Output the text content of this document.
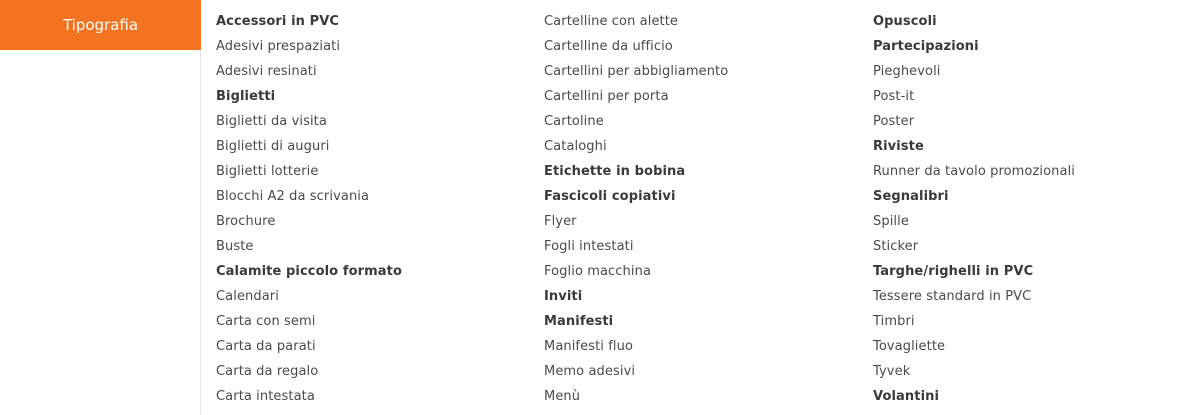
Tipografia	Accessori in PVC
Adesivi prespaziati
Adesivi resinati
Biglietti
Biglietti da visita
Biglietti di auguri
Biglietti lotterie
Blocchi A2 da scrivania
Brochure
Buste
Calamite piccolo formato
Calendari
Carta con semi
Carta da parati
Carta da regalo
Carta intestata
Cartelline con alette
Cartelline da ufficio
Cartellini per abbigliamento
Cartellini per porta
Cartoline
Cataloghi
Etichette in bobina
Fascicoli copiativi
Flyer
Fogli intestati
Foglio macchina
Inviti
Manifesti
Manifesti fluo
Memo adesivi
Menù
Opuscoli
Partecipazioni
Pieghevoli
Post-it
Poster
Riviste
Runner da tavolo promozionali
Segnalibri
Spille
Sticker
Targhe/righelli in PVC
Tessere standard in PVC
Timbri
Tovagliette
Tyvek
Volantini
